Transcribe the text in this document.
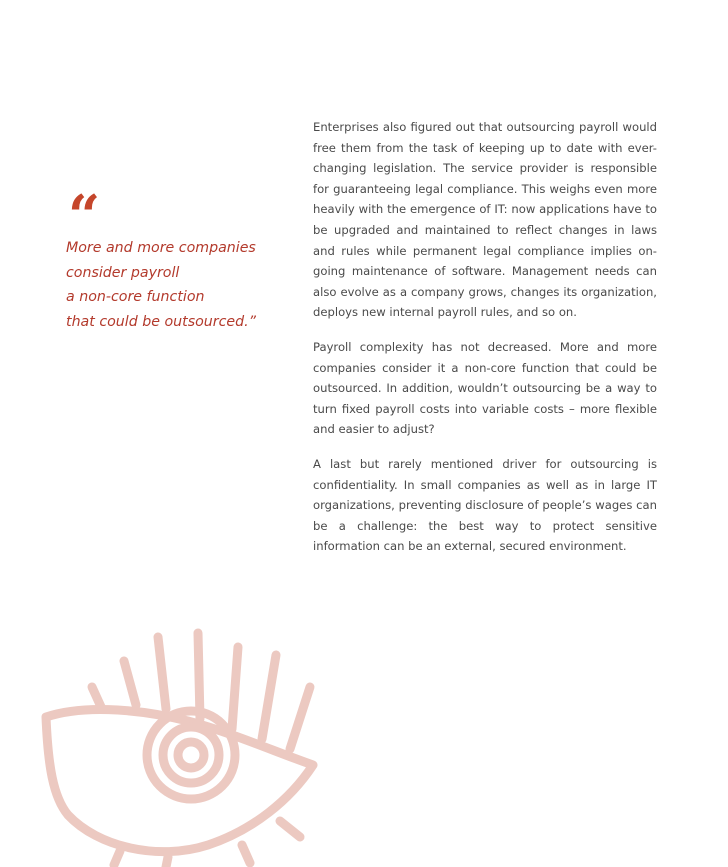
“
More and more companies
consider payroll
a non-core function
that could be outsourced.”

Enterprises also figured out that outsourcing payroll would free them from the task of keeping up to date with ever-changing legislation. The service provider is responsible for guaranteeing legal compliance. This weighs even more heavily with the emergence of IT: now applications have to be upgraded and maintained to reflect changes in laws and rules while permanent legal compliance implies on-going maintenance of software. Management needs can also evolve as a company grows, changes its organization, deploys new internal payroll rules, and so on.

Payroll complexity has not decreased. More and more companies consider it a non-core function that could be outsourced. In addition, wouldn’t outsourcing be a way to turn fixed payroll costs into variable costs – more flexible and easier to adjust?

A last but rarely mentioned driver for outsourcing is confidentiality. In small companies as well as in large IT organizations, preventing disclosure of people’s wages can be a challenge: the best way to protect sensitive information can be an external, secured environment.
